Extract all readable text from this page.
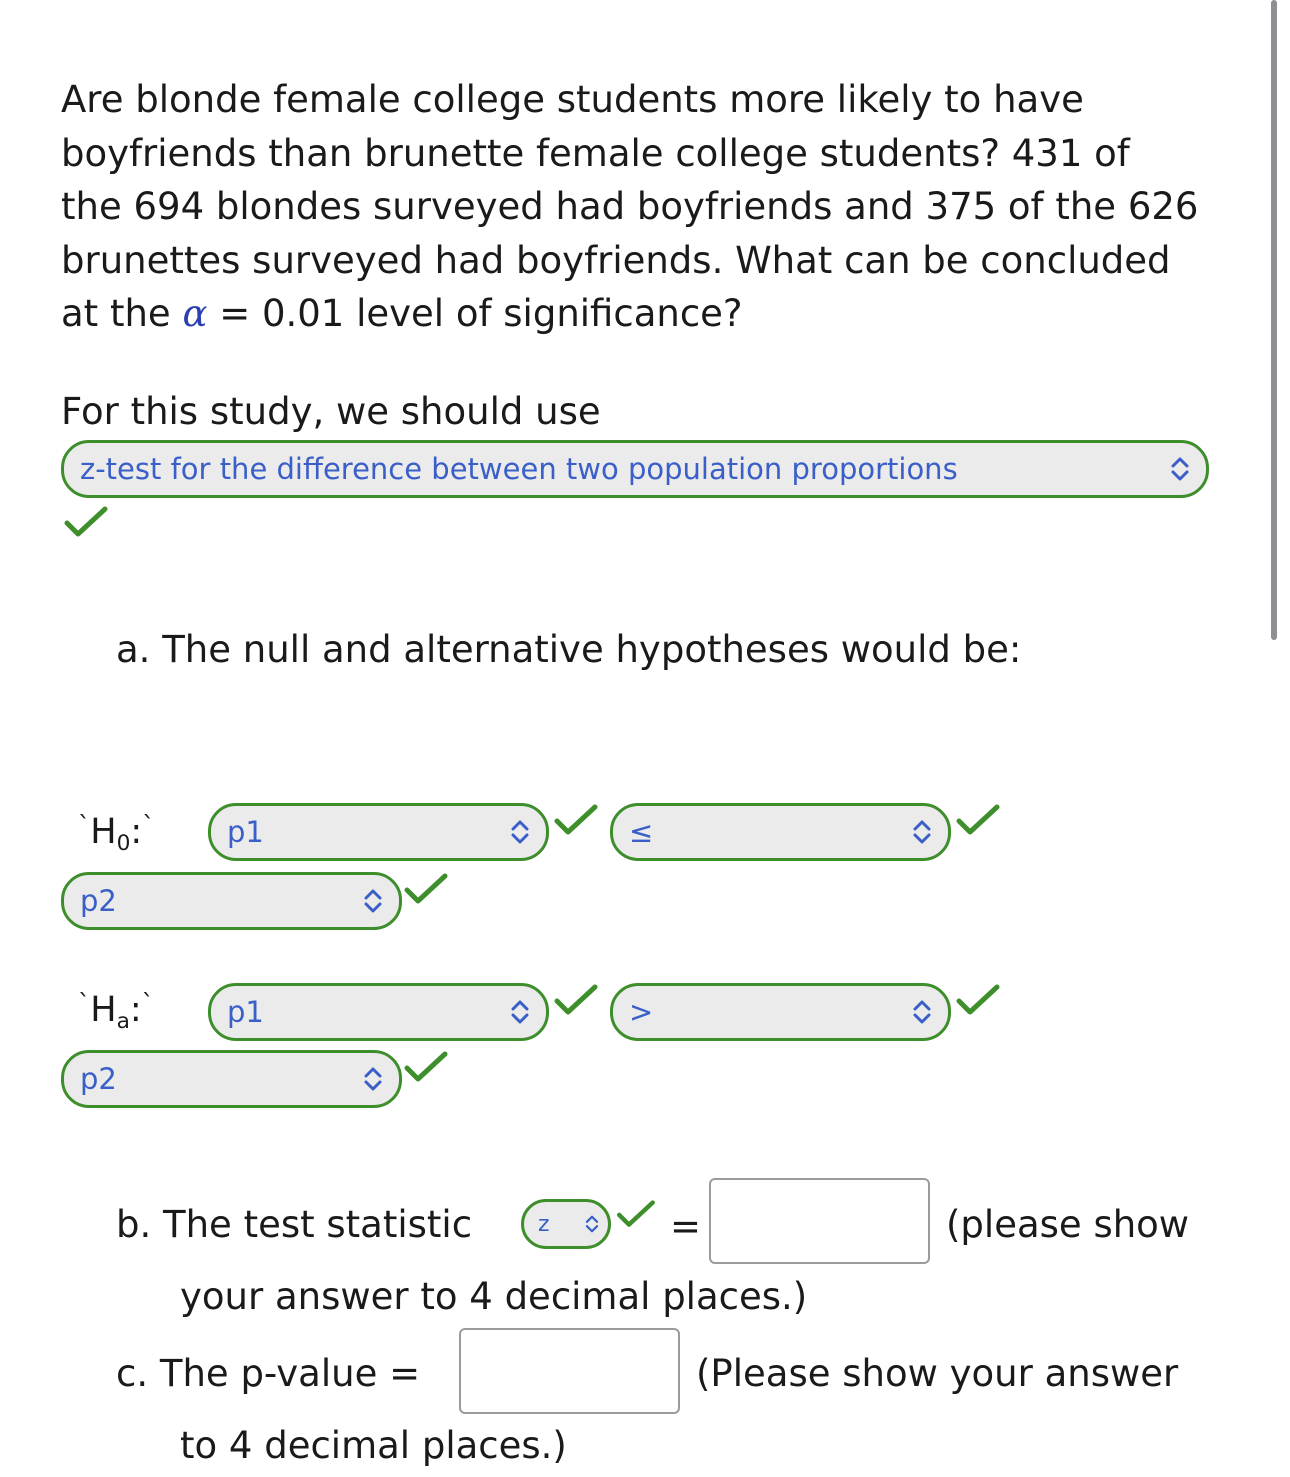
Are blonde female college students more likely to have
boyfriends than brunette female college students? 431 of
the 694 blondes surveyed had boyfriends and 375 of the 626
brunettes surveyed had boyfriends. What can be concluded
at the α = 0.01 level of significance?
For this study, we should use
z-test for the difference between two population proportions
a. The null and alternative hypotheses would be:
`H0:`	p1	≤
p2
`Ha:`	p1	>
p2
b. The test statistic	z	=	(please show
your answer to 4 decimal places.)
c. The p-value =	(Please show your answer
to 4 decimal places.)
